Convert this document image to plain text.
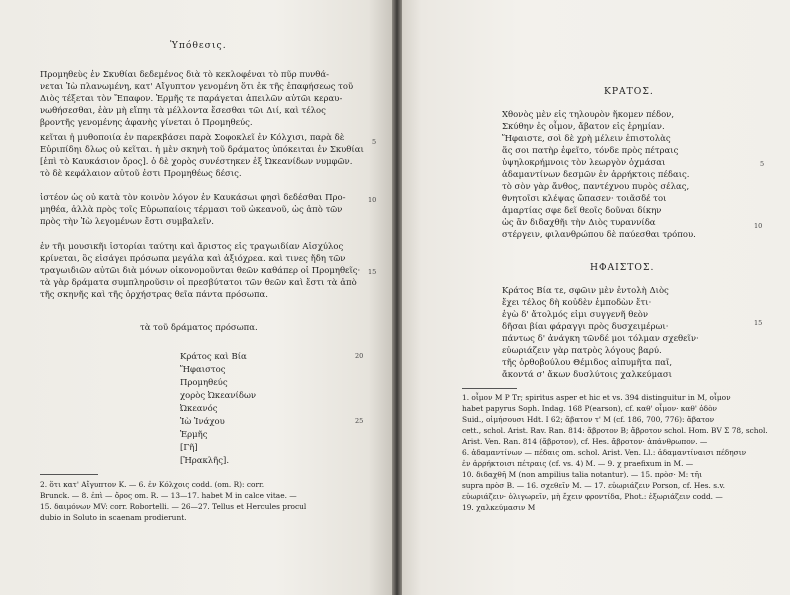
Ὑπόθεσις.
Προμηθεὺς ἐν Σκυθίαι δεδεμένος διὰ τὸ κεκλοφέναι τὸ πῦρ πυνθά-
νεται Ἰὼ πλανωμένη, κατ' Αἴγυπτον γενομένη ὅτι ἐκ τῆς ἐπαφήσεως τοῦ
Διὸς τέξεται τὸν Ἔπαφον. Ἑρμῆς τε παράγεται ἀπειλῶν αὐτῶι κεραυ-
νωθήσεσθαι, ἐὰν μὴ εἴπηι τὰ μέλλοντα ἔσεσθαι τῶι Διί, καὶ τέλος
βροντῆς γενομένης ἀφανὴς γίνεται ὁ Προμηθεύς.
κεῖται ἡ μυθοποιία ἐν παρεκβάσει παρὰ Σοφοκλεῖ ἐν Κόλχισι, παρὰ δὲ
Εὐριπίδηι δλως οὐ κεῖται. ἡ μὲν σκηνὴ τοῦ δράματος ὑπόκειται ἐν Σκυθίαι
[ἐπὶ τὸ Καυκάσιον ὄρος]. ὁ δὲ χορὸς συνέστηκεν ἐξ Ὠκεανίδων νυμφῶν.
τὸ δὲ κεφάλαιον αὐτοῦ ἐστι Προμηθέως δέσις.
ἰστέον ὡς οὐ κατὰ τὸν κοινὸν λόγον ἐν Καυκάσωι φησὶ δεδέσθαι Προ-
μηθέα, ἀλλὰ πρὸς τοῖς Εὐρωπαίοις τέρμασι τοῦ ὠκεανοῦ, ὡς ἀπὸ τῶν
πρὸς τὴν Ἰὼ λεγομένων ἔστι συμβαλεῖν.
ἐν τῆι μουσικῆι ἱστορίαι ταύτηι καὶ ἄριστος εἰς τραγωιδίαν Αἰσχύλος
κρίνεται, ὃς εἰσάγει πρόσωπα μεγάλα καὶ ἀξιόχρεα. καὶ τινες ἤδη τῶν
τραγωιδιῶν αὐτῶι διὰ μόνων οἰκονομοῦνται θεῶν καθάπερ οἱ Προμηθεῖς·
τὰ γὰρ δράματα συμπληροῦσιν οἱ πρεσβύτατοι τῶν θεῶν καὶ ἔστι τὰ ἀπὸ
τῆς σκηνῆς καὶ τῆς ὀρχήστρας θεῖα πάντα πρόσωπα.
5
10
15
20
25
τὰ τοῦ δράματος πρόσωπα.
Κράτος καὶ Βία
Ἥφαιστος
Προμηθεύς
χορὸς Ὠκεανίδων
Ὠκεανός
Ἰὼ Ἰνάχου
Ἑρμῆς
[Γῆ]
[Ἡρακλῆς].
2. ὅτι κατ' Αἴγυπτον K. — 6. ἐν Κόλχοις codd. (om. R): corr.
Brunck. — 8. ἐπὶ — ὄρος om. R. — 13—17. habet M in calce vitae. —
15. δαιμόνων MV: corr. Robortelli. — 26—27. Tellus et Hercules procul
dubio in Soluto in scaenam prodierunt.
ΚΡΑΤΟΣ.
Χθονὸς μὲν εἰς τηλουρὸν ἥκομεν πέδον,
Σκύθην ἐς οἶμον, ἄβατον εἰς ἐρημίαν.
Ἥφαιστε, σοὶ δὲ χρὴ μέλειν ἐπιστολὰς
ἅς σοι πατὴρ ἐφεῖτο, τόνδε πρὸς πέτραις
ὑψηλοκρήμνοις τὸν λεωργὸν ὀχμάσαι
ἀδαμαντίνων δεσμῶν ἐν ἀρρήκτοις πέδαις.
τὸ σὸν γὰρ ἄνθος, παντέχνου πυρὸς σέλας,
θνητοῖσι κλέψας ὤπασεν· τοιᾶσδέ τοι
ἁμαρτίας σφε δεῖ θεοῖς δοῦναι δίκην
ὡς ἂν διδαχθῆι τὴν Διὸς τυραννίδα
στέργειν, φιλανθρώπου δὲ παύεσθαι τρόπου.
5
10
15
ΗΦΑΙΣΤΟΣ.
Κράτος Βία τε, σφῶιν μὲν ἐντολὴ Διὸς
ἔχει τέλος δὴ κοὐδὲν ἐμποδὼν ἔτι·
ἐγὼ δ' ἄτολμός εἰμι συγγενῆ θεὸν
δῆσαι βίαι φάραγγι πρὸς δυσχειμέρωι·
πάντως δ' ἀνάγκη τῶνδέ μοι τόλμαν σχεθεῖν·
εὐωριάζειν γὰρ πατρὸς λόγους βαρύ.
τῆς ὀρθοβούλου Θέμιδος αἰπυμῆτα παῖ,
ἄκοντά σ' ἄκων δυσλύτοις χαλκεύμασι
1. οἶμον M P Tr; spiritus asper et hic et vs. 394 distinguitur in M, οἶμον
habet papyrus Soph. Indag. 168 P(earson), cf. καθ' οἶμον· καθ' ὁδὸν
Suid., οἰμήσουσι Hdt. I 62; ἄβατον τ' M (cf. 186, 700, 776): ἄβατον
cett., schol. Arist. Rav. Ran. 814: ἄβροτον B; ἄβροτον schol. Hom. BV Σ 78, schol.
Arist. Ven. Ran. 814 (ἄβροτον), cf. Hes. ἄβροτον· ἀπάνθρωπον. —
6. ἀδαμαντίνων — πέδαις om. schol. Arist. Ven. Ll.: ἀδαμαντίναισι πέδησιν
ἐν ἀρρήκτοισι πέτραις (cf. vs. 4) M. — 9. χ praefixum in M. —
10. διδαχθῆ M (non ampilius talia notantur). — 15. πρὸσ· M: τῆι
supra πρὸσ B. — 16. σχεθεῖν M. — 17. εὐωριάζειν Porson, cf. Hes. s.v.
εὐωριάζειν· ὀλιγωρεῖν, μὴ ἔχειν φροντίδα, Phot.: ἐξωριάζειν codd. —
19. χαλκεύμασιν M
